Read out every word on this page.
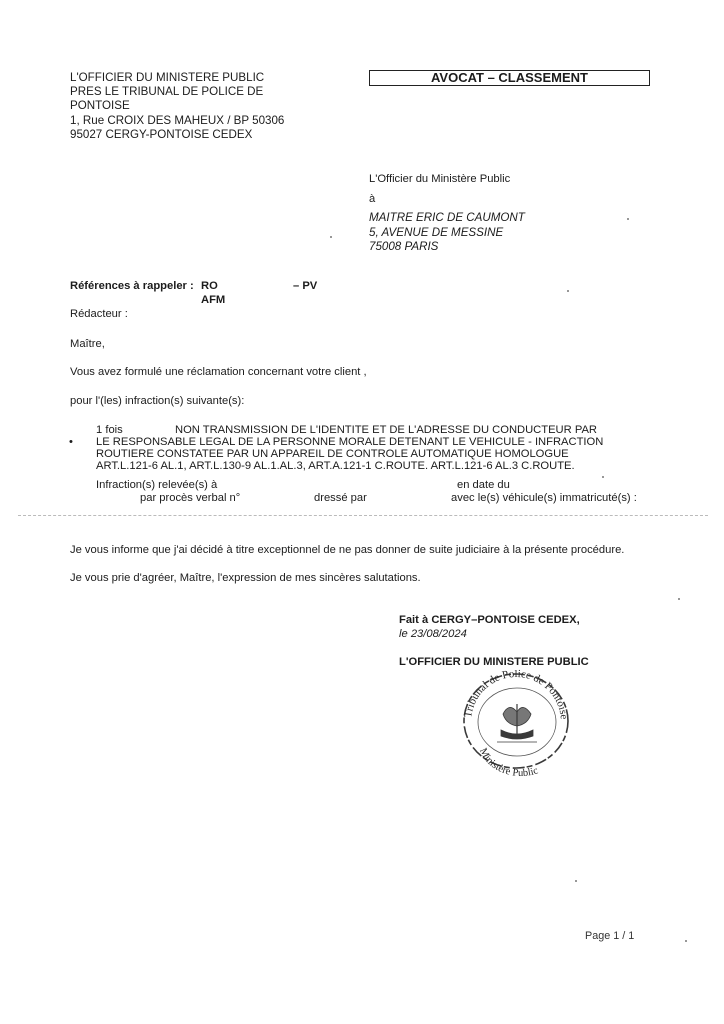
L'OFFICIER DU MINISTERE PUBLIC
PRES LE TRIBUNAL DE POLICE DE
PONTOISE
1, Rue CROIX DES MAHEUX / BP 50306
95027 CERGY-PONTOISE CEDEX
AVOCAT – CLASSEMENT
L'Officier du Ministère Public
à
MAITRE ERIC DE CAUMONT
5, AVENUE DE MESSINE
75008 PARIS
Références à rappeler : RO	– PV
AFM
Rédacteur :
Maître,
Vous avez formulé une réclamation concernant votre client ,
pour l'(les) infraction(s) suivante(s):
•
1 fois	NON TRANSMISSION DE L'IDENTITE ET DE L'ADRESSE DU CONDUCTEUR PAR
LE RESPONSABLE LEGAL DE LA PERSONNE MORALE DETENANT LE VEHICULE - INFRACTION
ROUTIERE CONSTATEE PAR UN APPAREIL DE CONTROLE AUTOMATIQUE HOMOLOGUE
ART.L.121-6 AL.1, ART.L.130-9 AL.1.AL.3, ART.A.121-1 C.ROUTE. ART.L.121-6 AL.3 C.ROUTE.
Infraction(s) relevée(s) à	en date du
par procès verbal n°	dressé par	avec le(s) véhicule(s) immatricuté(s) :
Je vous informe que j'ai décidé à titre exceptionnel de ne pas donner de suite judiciaire à la présente procédure.
Je vous prie d'agréer, Maître, l'expression de mes sincères salutations.
Fait à CERGY–PONTOISE CEDEX,
le 23/08/2024
L'OFFICIER DU MINISTERE PUBLIC
Tribunal de Police de Pontoise
Ministère Public
Page 1 / 1
